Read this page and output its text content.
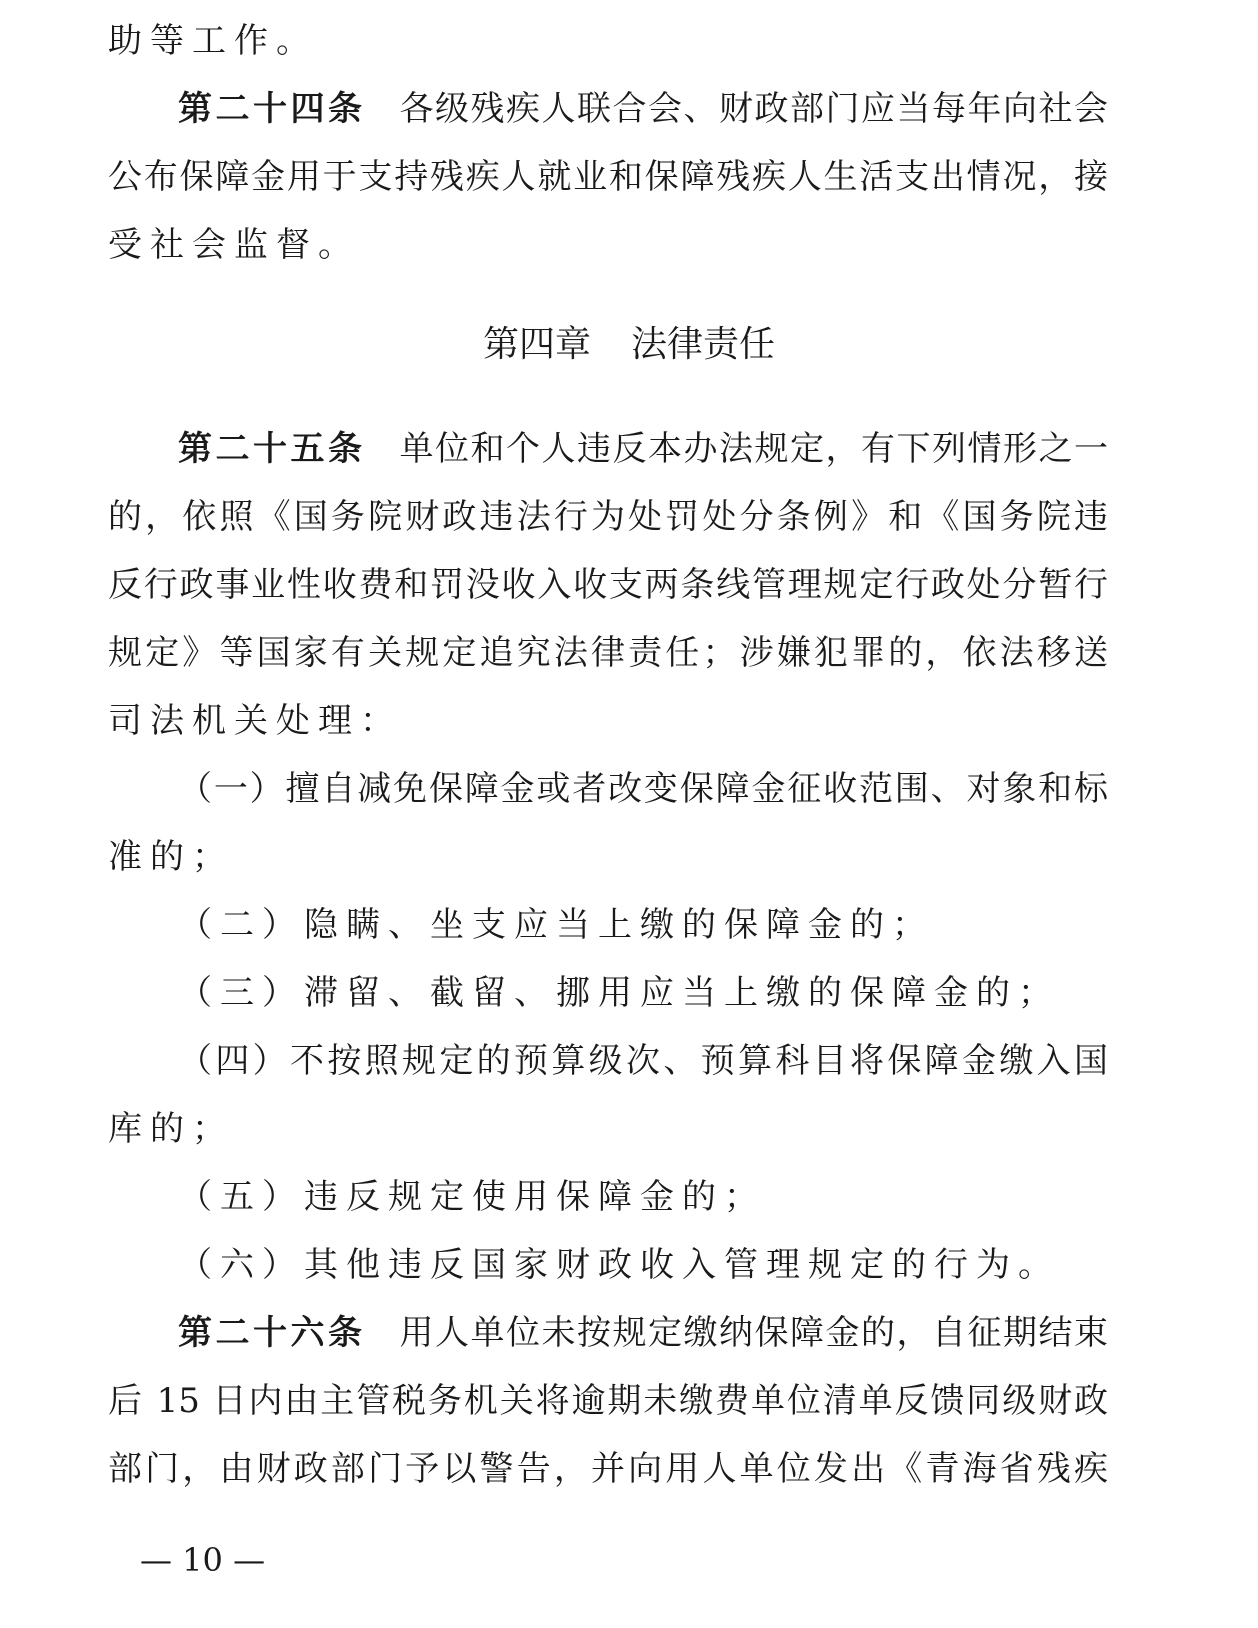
助等工作。
第二十四条 各级残疾人联合会、财政部门应当每年向社会
公布保障金用于支持残疾人就业和保障残疾人生活支出情况，接
受社会监督。
第四章 法律责任
第二十五条 单位和个人违反本办法规定，有下列情形之一
的，依照《国务院财政违法行为处罚处分条例》和《国务院违
反行政事业性收费和罚没收入收支两条线管理规定行政处分暂行
规定》等国家有关规定追究法律责任；涉嫌犯罪的，依法移送
司法机关处理：
（一）擅自减免保障金或者改变保障金征收范围、对象和标
准的；
（二）隐瞒、坐支应当上缴的保障金的；
（三）滞留、截留、挪用应当上缴的保障金的；
（四）不按照规定的预算级次、预算科目将保障金缴入国
库的；
（五）违反规定使用保障金的；
（六）其他违反国家财政收入管理规定的行为。
第二十六条 用人单位未按规定缴纳保障金的，自征期结束
后 15 日内由主管税务机关将逾期未缴费单位清单反馈同级财政
部门，由财政部门予以警告，并向用人单位发出《青海省残疾
— 10 —
